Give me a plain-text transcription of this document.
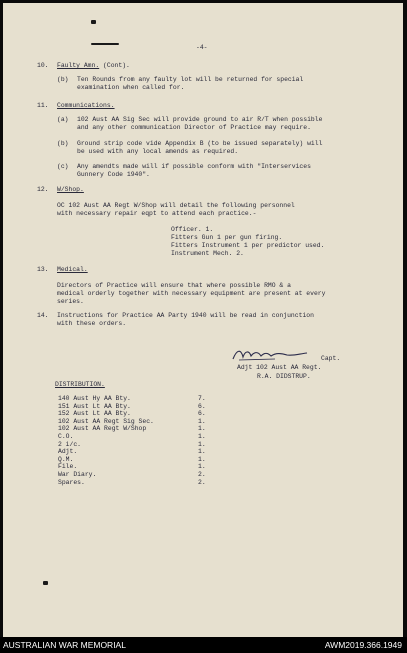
-4-
10. Faulty Amn. (Cont).
(b) Ten Rounds from any faulty lot will be returned for special
examination when called for.
11. Communications.
(a) 102 Aust AA Sig Sec will provide ground to air R/T when possible
and any other communication Director of Practice may require.
(b) Ground strip code vide Appendix B (to be issued separately) will
be used with any local amends as required.
(c) Any amendts made will if possible conform with "Interservices
Gunnery Code 1940".
12. W/Shop.
OC 102 Aust AA Regt W/Shop will detail the following personnel
with necessary repair eqpt to attend each practice.-
Officer. 1.
Fitters Gun 1 per gun firing.
Fitters Instrument 1 per predictor used.
Instrument Mech. 2.
13. Medical.
Directors of Practice will ensure that where possible RMO & a
medical orderly together with necessary equipment are present at every
series.
14. Instructions for Practice AA Party 1940 will be read in conjunction
with these orders.
Capt.
Adjt 102 Aust AA Regt.
R.A. DIDSTRUP.
DISTRIBUTION.
140 Aust Hy AA Bty.	7.
151 Aust Lt AA Bty.	6.
152 Aust Lt AA Bty.	6.
102 Aust AA Regt Sig Sec.	1.
102 Aust AA Regt W/Shop	1.
C.O.	1.
2 i/c.	1.
Adjt.	1.
Q.M.	1.
File.	1.
War Diary.	2.
Spares.	2.
AUSTRALIAN WAR MEMORIAL	AWM2019.366.1949
